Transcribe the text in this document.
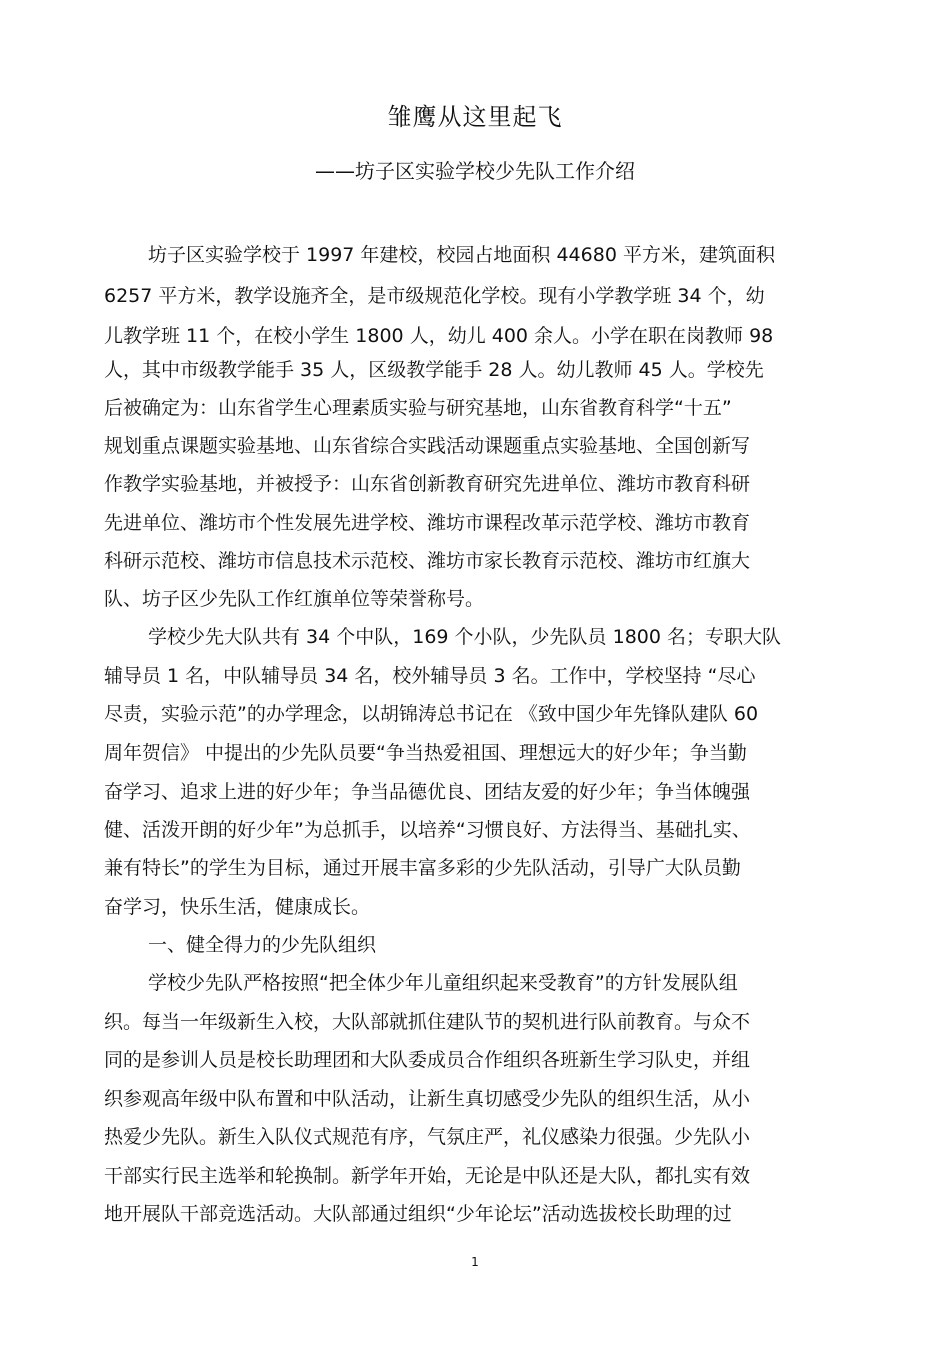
雏鹰从这里起飞
——坊子区实验学校少先队工作介绍
坊子区实验学校于 1997 年建校，校园占地面积 44680 平方米，建筑面积
6257 平方米，教学设施齐全，是市级规范化学校。现有小学教学班 34 个，幼
儿教学班 11 个，在校小学生 1800 人，幼儿 400 余人。小学在职在岗教师 98
人，其中市级教学能手 35 人，区级教学能手 28 人。幼儿教师 45 人。学校先
后被确定为：山东省学生心理素质实验与研究基地，山东省教育科学“十五”
规划重点课题实验基地、山东省综合实践活动课题重点实验基地、全国创新写
作教学实验基地，并被授予：山东省创新教育研究先进单位、潍坊市教育科研
先进单位、潍坊市个性发展先进学校、潍坊市课程改革示范学校、潍坊市教育
科研示范校、潍坊市信息技术示范校、潍坊市家长教育示范校、潍坊市红旗大
队、坊子区少先队工作红旗单位等荣誉称号。
学校少先大队共有 34 个中队，169 个小队，少先队员 1800 名；专职大队
辅导员 1 名，中队辅导员 34 名，校外辅导员 3 名。工作中，学校坚持 “尽心
尽责，实验示范”的办学理念，以胡锦涛总书记在 《致中国少年先锋队建队 60
周年贺信》 中提出的少先队员要“争当热爱祖国、理想远大的好少年；争当勤
奋学习、追求上进的好少年；争当品德优良、团结友爱的好少年；争当体魄强
健、活泼开朗的好少年”为总抓手，以培养“习惯良好、方法得当、基础扎实、
兼有特长”的学生为目标，通过开展丰富多彩的少先队活动，引导广大队员勤
奋学习，快乐生活，健康成长。
一、健全得力的少先队组织
学校少先队严格按照“把全体少年儿童组织起来受教育”的方针发展队组
织。每当一年级新生入校，大队部就抓住建队节的契机进行队前教育。与众不
同的是参训人员是校长助理团和大队委成员合作组织各班新生学习队史，并组
织参观高年级中队布置和中队活动，让新生真切感受少先队的组织生活，从小
热爱少先队。新生入队仪式规范有序，气氛庄严，礼仪感染力很强。少先队小
干部实行民主选举和轮换制。新学年开始，无论是中队还是大队，都扎实有效
地开展队干部竞选活动。大队部通过组织“少年论坛”活动选拔校长助理的过
1
